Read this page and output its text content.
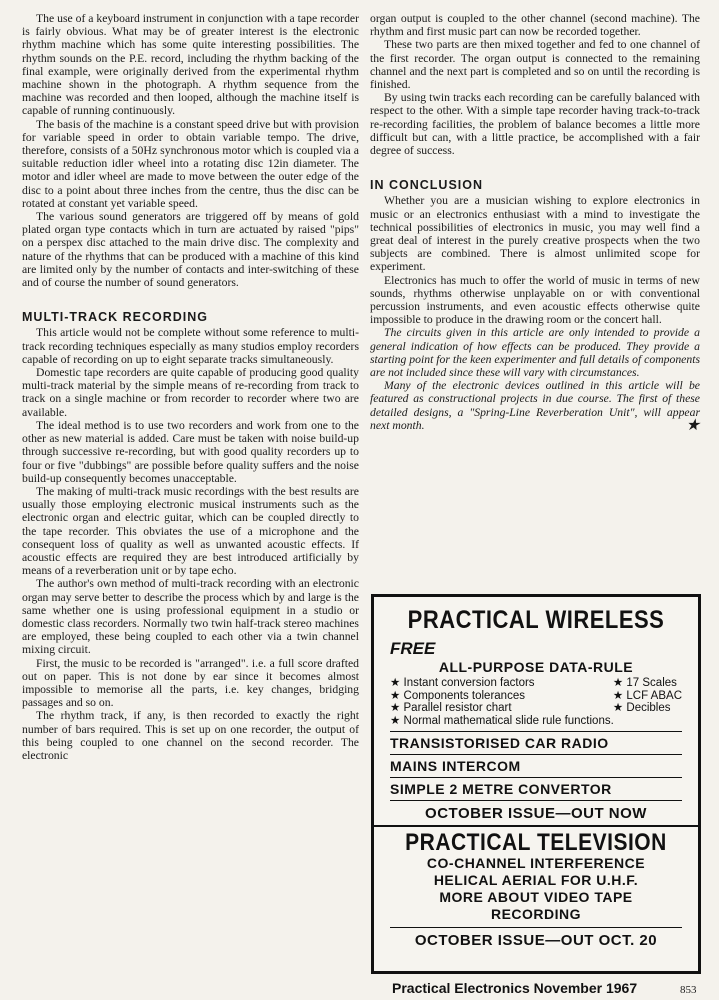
The use of a keyboard instrument in conjunction with a tape recorder is fairly obvious. What may be of greater interest is the electronic rhythm machine which has some quite interesting possibilities. The rhythm sounds on the P.E. record, including the rhythm backing of the final example, were originally derived from the experimental rhythm machine shown in the photograph. A rhythm sequence from the machine was recorded and then looped, although the machine itself is capable of running continuously.

The basis of the machine is a constant speed drive but with provision for variable speed in order to obtain variable tempo. The drive, therefore, consists of a 50Hz synchronous motor which is coupled via a suitable reduction idler wheel into a rotating disc 12in diameter. The motor and idler wheel are made to move between the outer edge of the disc to a point about three inches from the centre, thus the disc can be rotated at constant yet variable speed.

The various sound generators are triggered off by means of gold plated organ type contacts which in turn are actuated by raised "pips" on a perspex disc attached to the main drive disc. The complexity and nature of the rhythms that can be produced with a machine of this kind are limited only by the number of contacts and inter-switching of these and of course the number of sound generators.

MULTI-TRACK RECORDING

This article would not be complete without some reference to multi-track recording techniques especially as many studios employ recorders capable of recording on up to eight separate tracks simultaneously.

Domestic tape recorders are quite capable of producing good quality multi-track material by the simple means of re-recording from track to track on a single machine or from recorder to recorder where two are available.

The ideal method is to use two recorders and work from one to the other as new material is added. Care must be taken with noise build-up through successive re-recording, but with good quality recorders up to four or five "dubbings" are possible before quality suffers and the noise build-up consequently becomes unacceptable.

The making of multi-track music recordings with the best results are usually those employing electronic musical instruments such as the electronic organ and electric guitar, which can be coupled directly to the tape recorder. This obviates the use of a microphone and the consequent loss of quality as well as unwanted acoustic effects. If acoustic effects are required they are best introduced artificially by means of a reverberation unit or by tape echo.

The author's own method of multi-track recording with an electronic organ may serve better to describe the process which by and large is the same whether one is using professional equipment in a studio or domestic class recorders. Normally two twin half-track stereo machines are employed, these being coupled to each other via a twin channel mixing circuit.

First, the music to be recorded is "arranged". i.e. a full score drafted out on paper. This is not done by ear since it becomes almost impossible to memorise all the parts, i.e. key changes, bridging passages and so on.

The rhythm track, if any, is then recorded to exactly the right number of bars required. This is set up on one recorder, the output of this being coupled to one channel on the second recorder. The electronic

organ output is coupled to the other channel (second machine). The rhythm and first music part can now be recorded together.

These two parts are then mixed together and fed to one channel of the first recorder. The organ output is connected to the remaining channel and the next part is completed and so on until the recording is finished.

By using twin tracks each recording can be carefully balanced with respect to the other. With a simple tape recorder having track-to-track re-recording facilities, the problem of balance becomes a little more difficult but can, with a little practice, be accomplished with a fair degree of success.

IN CONCLUSION

Whether you are a musician wishing to explore electronics in music or an electronics enthusiast with a mind to investigate the technical possibilities of electronics in music, you may well find a great deal of interest in the purely creative prospects when the two subjects are combined. There is almost unlimited scope for experiment.

Electronics has much to offer the world of music in terms of new sounds, rhythms otherwise unplayable on or with conventional percussion instruments, and even acoustic effects otherwise quite impossible to produce in the drawing room or the concert hall.

The circuits given in this article are only intended to provide a general indication of how effects can be produced. They provide a starting point for the keen experimenter and full details of components are not included since these will vary with circumstances.

Many of the electronic devices outlined in this article will be featured as constructional projects in due course. The first of these detailed designs, a "Spring-Line Reverberation Unit", will appear next month.	★

PRACTICAL WIRELESS
FREE
ALL-PURPOSE DATA-RULE
★ Instant conversion factors
★ Components tolerances
★ Parallel resistor chart
★ 17 Scales
★ LCF ABAC
★ Decibles
★ Normal mathematical slide rule functions.
TRANSISTORISED CAR RADIO
MAINS INTERCOM
SIMPLE 2 METRE CONVERTOR
OCTOBER ISSUE—OUT NOW
PRACTICAL TELEVISION
CO-CHANNEL INTERFERENCE
HELICAL AERIAL FOR U.H.F.
MORE ABOUT VIDEO TAPE
RECORDING
OCTOBER ISSUE—OUT OCT. 20
Practical Electronics November 1967	853
